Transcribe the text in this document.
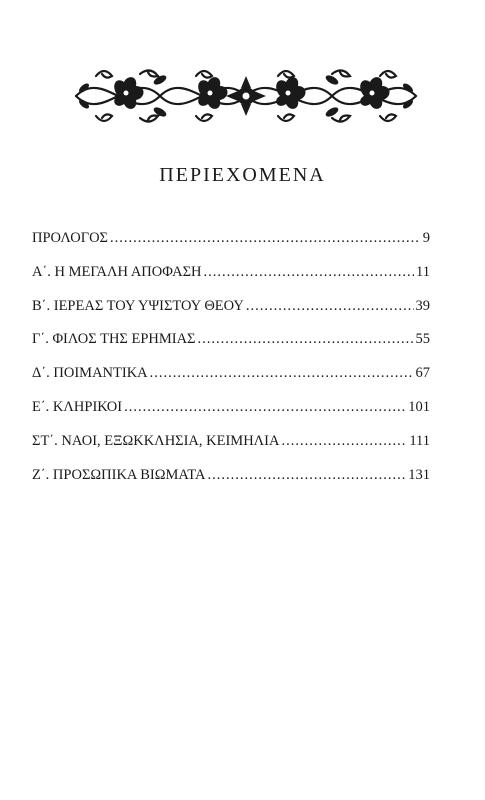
ΠΕΡΙΕΧΟΜΕΝΑ
ΠΡΟΛΟΓΟΣ .....	9
Α΄. Η ΜΕΓΑΛΗ ΑΠΟΦΑΣΗ .....	11
Β΄. ΙΕΡΕΑΣ ΤΟΥ ΥΨΙΣΤΟΥ ΘΕΟΥ .....	39
Γ΄. ΦΙΛΟΣ ΤΗΣ ΕΡΗΜΙΑΣ .....	55
Δ΄. ΠΟΙΜΑΝΤΙΚΑ .....	67
Ε΄. ΚΛΗΡΙΚΟΙ .....	101
ΣΤ΄. ΝΑΟΙ, ΕΞΩΚΚΛΗΣΙΑ, ΚΕΙΜΗΛΙΑ .....	111
Ζ΄. ΠΡΟΣΩΠΙΚΑ ΒΙΩΜΑΤΑ .....	131
